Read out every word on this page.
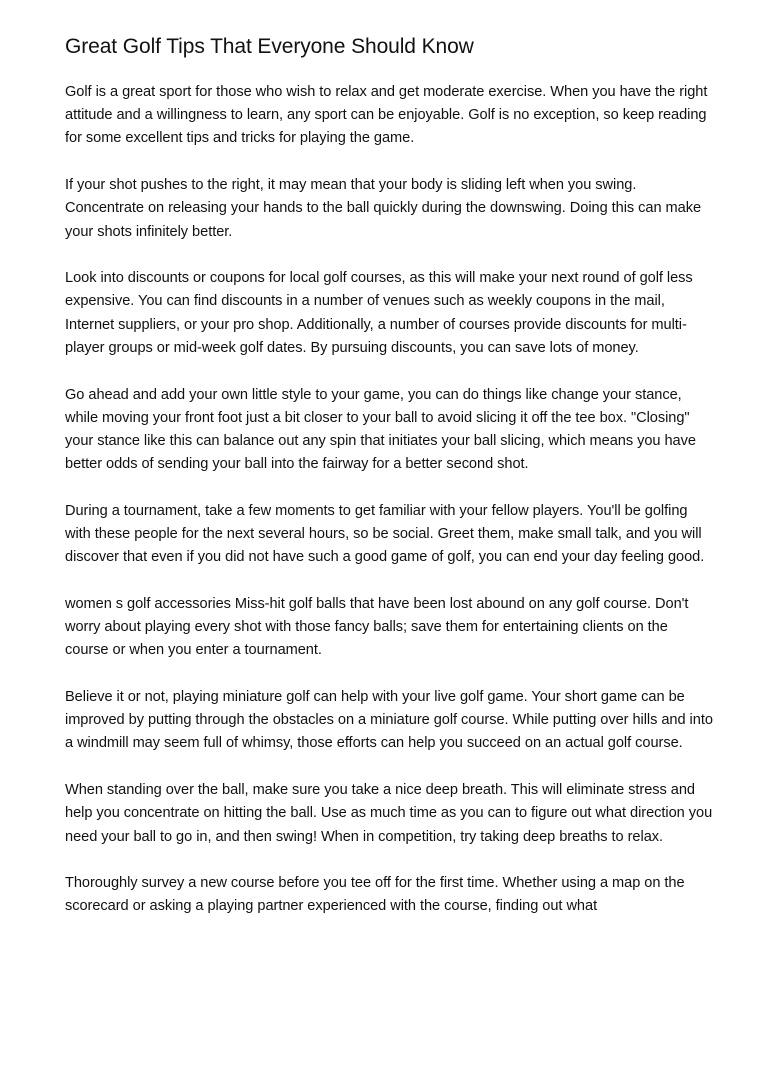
Great Golf Tips That Everyone Should Know

Golf is a great sport for those who wish to relax and get moderate exercise. When you have the right attitude and a willingness to learn, any sport can be enjoyable. Golf is no exception, so keep reading for some excellent tips and tricks for playing the game.

If your shot pushes to the right, it may mean that your body is sliding left when you swing. Concentrate on releasing your hands to the ball quickly during the downswing. Doing this can make your shots infinitely better.

Look into discounts or coupons for local golf courses, as this will make your next round of golf less expensive. You can find discounts in a number of venues such as weekly coupons in the mail, Internet suppliers, or your pro shop. Additionally, a number of courses provide discounts for multi-player groups or mid-week golf dates. By pursuing discounts, you can save lots of money.

Go ahead and add your own little style to your game, you can do things like change your stance, while moving your front foot just a bit closer to your ball to avoid slicing it off the tee box. "Closing" your stance like this can balance out any spin that initiates your ball slicing, which means you have better odds of sending your ball into the fairway for a better second shot.

During a tournament, take a few moments to get familiar with your fellow players. You'll be golfing with these people for the next several hours, so be social. Greet them, make small talk, and you will discover that even if you did not have such a good game of golf, you can end your day feeling good.

women s golf accessories Miss-hit golf balls that have been lost abound on any golf course. Don't worry about playing every shot with those fancy balls; save them for entertaining clients on the course or when you enter a tournament.

Believe it or not, playing miniature golf can help with your live golf game. Your short game can be improved by putting through the obstacles on a miniature golf course. While putting over hills and into a windmill may seem full of whimsy, those efforts can help you succeed on an actual golf course.

When standing over the ball, make sure you take a nice deep breath. This will eliminate stress and help you concentrate on hitting the ball. Use as much time as you can to figure out what direction you need your ball to go in, and then swing! When in competition, try taking deep breaths to relax.

Thoroughly survey a new course before you tee off for the first time. Whether using a map on the scorecard or asking a playing partner experienced with the course, finding out what
